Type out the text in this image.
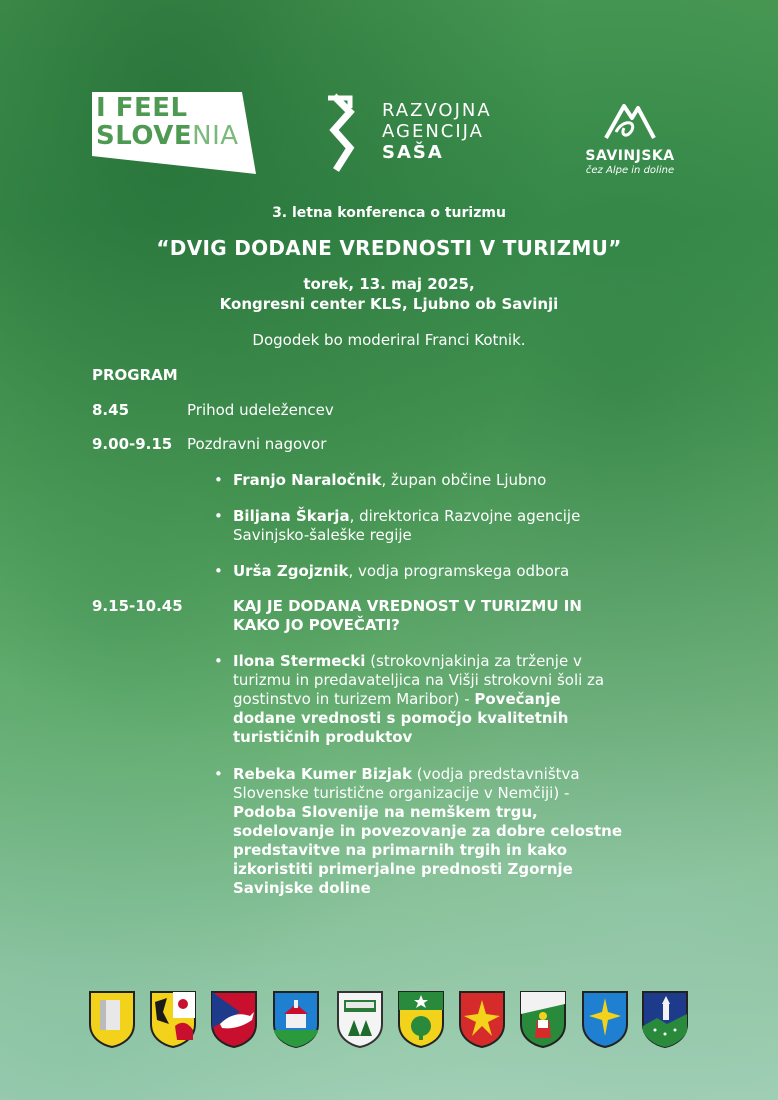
I FEEL
SLOVENIA
RAZVOJNA
AGENCIJA
SAŠA	SAVINJSKA
čez Alpe in doline
3. letna konferenca o turizmu
“DVIG DODANE VREDNOSTI V TURIZMU”
torek, 13. maj 2025,
Kongresni center KLS, Ljubno ob Savinji
Dogodek bo moderiral Franci Kotnik.
PROGRAM
8.45	Prihod udeležencev
9.00-9.15 Pozdravni nagovor
• Franjo Naraločnik, župan občine Ljubno
• Biljana Škarja, direktorica Razvojne agencije
Savinjsko-šaleške regije
• Urša Zgojznik, vodja programskega odbora
9.15-10.45	KAJ JE DODANA VREDNOST V TURIZMU IN
KAKO JO POVEČATI?
• Ilona Stermecki (strokovnjakinja za trženje v
turizmu in predavateljica na Višji strokovni šoli za
gostinstvo in turizem Maribor) - Povečanje
dodane vrednosti s pomočjo kvalitetnih
turističnih produktov
• Rebeka Kumer Bizjak (vodja predstavništva
Slovenske turistične organizacije v Nemčiji) -
Podoba Slovenije na nemškem trgu,
sodelovanje in povezovanje za dobre celostne
predstavitve na primarnih trgih in kako
izkoristiti primerjalne prednosti Zgornje
Savinjske doline
